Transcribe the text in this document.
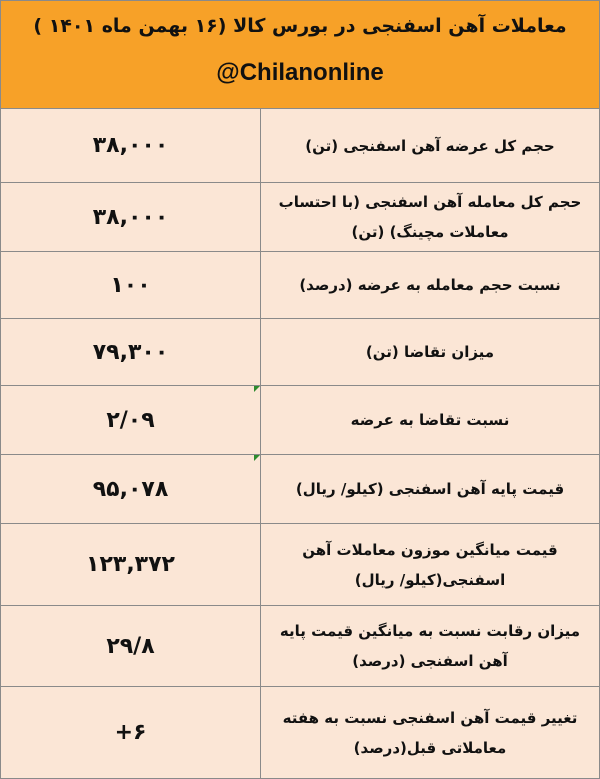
معاملات آهن اسفنجی در بورس کالا (۱۶ بهمن ماه ۱۴۰۱ )
@Chilanonline
حجم کل عرضه آهن اسفنجی (تن)
۳۸,۰۰۰
حجم کل معامله آهن اسفنجی (با احتساب معاملات مچینگ) (تن)
۳۸,۰۰۰
نسبت حجم معامله به عرضه (درصد)
۱۰۰
میزان تقاضا (تن)
۷۹,۳۰۰
نسبت تقاضا به عرضه
۲/۰۹
قیمت پایه آهن اسفنجی (کیلو/ ریال)
۹۵,۰۷۸
قیمت میانگین موزون معاملات آهن اسفنجی(کیلو/ ریال)
۱۲۳,۳۷۲
میزان رقابت نسبت به میانگین قیمت پایه آهن اسفنجی (درصد)
۲۹/۸
تغییر قیمت آهن اسفنجی نسبت به هفته معاملاتی قبل(درصد)
+۶
